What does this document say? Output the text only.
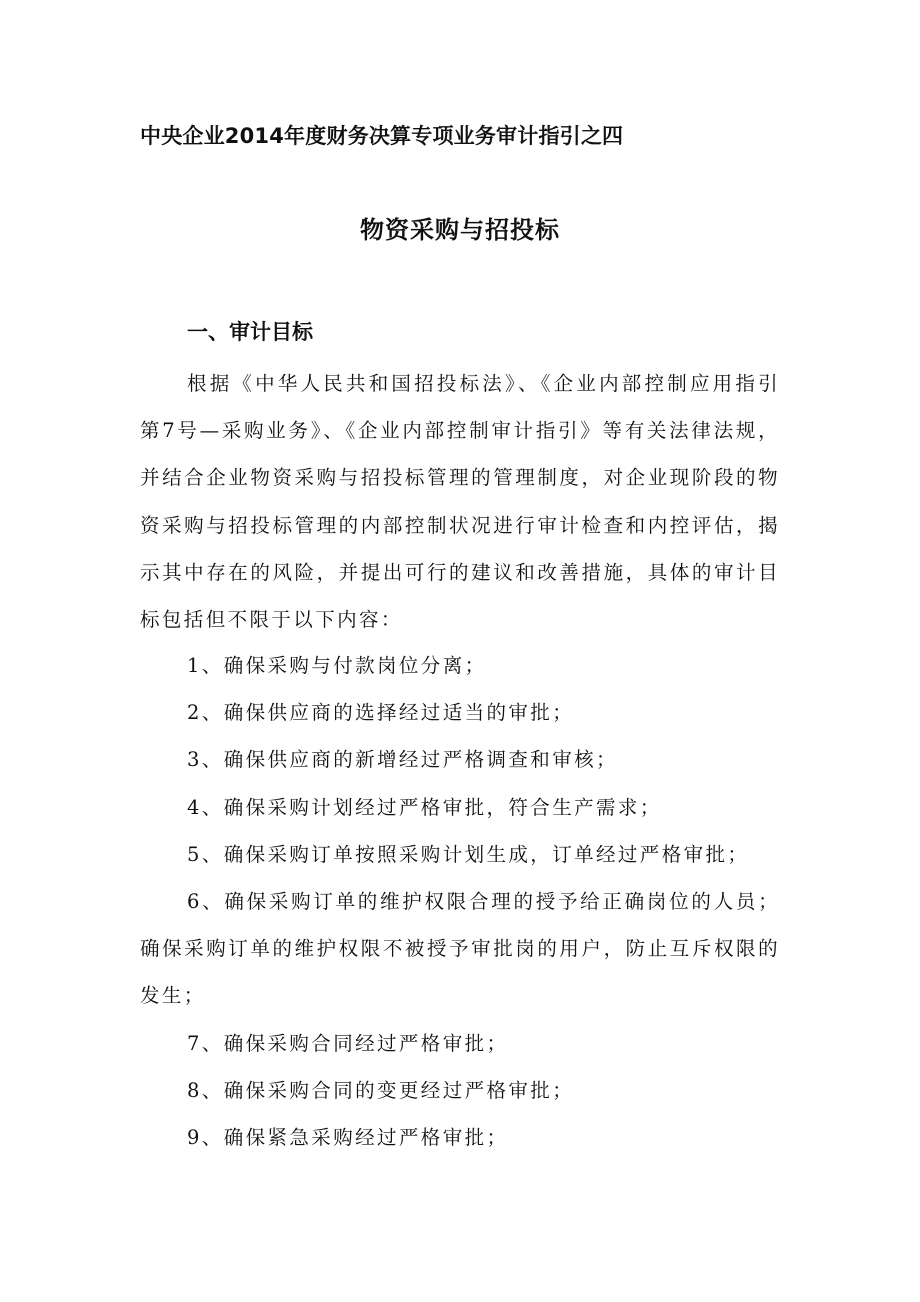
中央企业2014年度财务决算专项业务审计指引之四
物资采购与招投标
一、审计目标

根据《中华人民共和国招投标法》、《企业内部控制应用指引第7号—采购业务》、《企业内部控制审计指引》等有关法律法规，并结合企业物资采购与招投标管理的管理制度，对企业现阶段的物资采购与招投标管理的内部控制状况进行审计检查和内控评估，揭示其中存在的风险，并提出可行的建议和改善措施，具体的审计目标包括但不限于以下内容：

1、确保采购与付款岗位分离；
2、确保供应商的选择经过适当的审批；
3、确保供应商的新增经过严格调查和审核；
4、确保采购计划经过严格审批，符合生产需求；
5、确保采购订单按照采购计划生成，订单经过严格审批；
6、确保采购订单的维护权限合理的授予给正确岗位的人员；确保采购订单的维护权限不被授予审批岗的用户，防止互斥权限的发生；
7、确保采购合同经过严格审批；
8、确保采购合同的变更经过严格审批；
9、确保紧急采购经过严格审批；
